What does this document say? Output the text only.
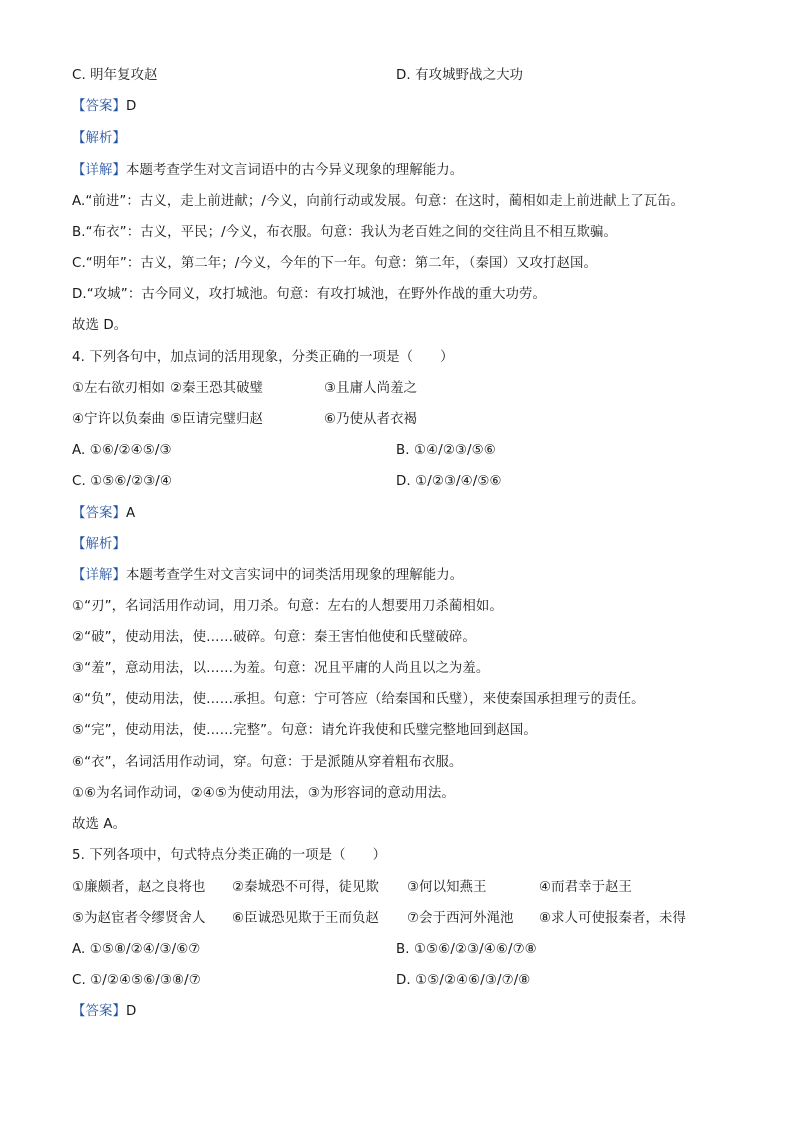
C. 明年复攻赵	D. 有攻城野战之大功
【答案】D
【解析】
【详解】本题考查学生对文言词语中的古今异义现象的理解能力。
A.“前进”：古义，走上前进献；/今义，向前行动或发展。句意：在这时，蔺相如走上前进献上了瓦缶。
B.“布衣”：古义，平民；/今义，布衣服。句意：我认为老百姓之间的交往尚且不相互欺骗。
C.“明年”：古义，第二年；/今义，今年的下一年。句意：第二年，（秦国）又攻打赵国。
D.“攻城”：古今同义，攻打城池。句意：有攻打城池，在野外作战的重大功劳。
故选 D。
4. 下列各句中，加点词的活用现象，分类正确的一项是（　　）
①左右欲刃相如 ②秦王恐其破璧	③且庸人尚羞之
④宁许以负秦曲 ⑤臣请完璧归赵	⑥乃使从者衣褐
A. ①⑥/②④⑤/③	B. ①④/②③/⑤⑥
C. ①⑤⑥/②③/④	D. ①/②③/④/⑤⑥
【答案】A
【解析】
【详解】本题考查学生对文言实词中的词类活用现象的理解能力。
①“刃”，名词活用作动词，用刀杀。句意：左右的人想要用刀杀蔺相如。
②“破”，使动用法，使……破碎。句意：秦王害怕他使和氏璧破碎。
③“羞”，意动用法，以……为羞。句意：况且平庸的人尚且以之为羞。
④“负”，使动用法，使……承担。句意：宁可答应（给秦国和氏璧），来使秦国承担理亏的责任。
⑤“完”，使动用法，使……完整”。句意：请允许我使和氏璧完整地回到赵国。
⑥“衣”，名词活用作动词，穿。句意：于是派随从穿着粗布衣服。
①⑥为名词作动词，②④⑤为使动用法，③为形容词的意动用法。
故选 A。
5. 下列各项中，句式特点分类正确的一项是（　　）
①廉颇者，赵之良将也 ②秦城恐不可得，徒见欺 ③何以知燕王	④而君幸于赵王
⑤为赵宦者令缪贤舍人 ⑥臣诚恐见欺于王而负赵 ⑦会于西河外渑池 ⑧求人可使报秦者，未得
A. ①⑤⑧/②④/③/⑥⑦	B. ①⑤⑥/②③/④⑥/⑦⑧
C. ①/②④⑤⑥/③⑧/⑦	D. ①⑤/②④⑥/③/⑦/⑧
【答案】D
